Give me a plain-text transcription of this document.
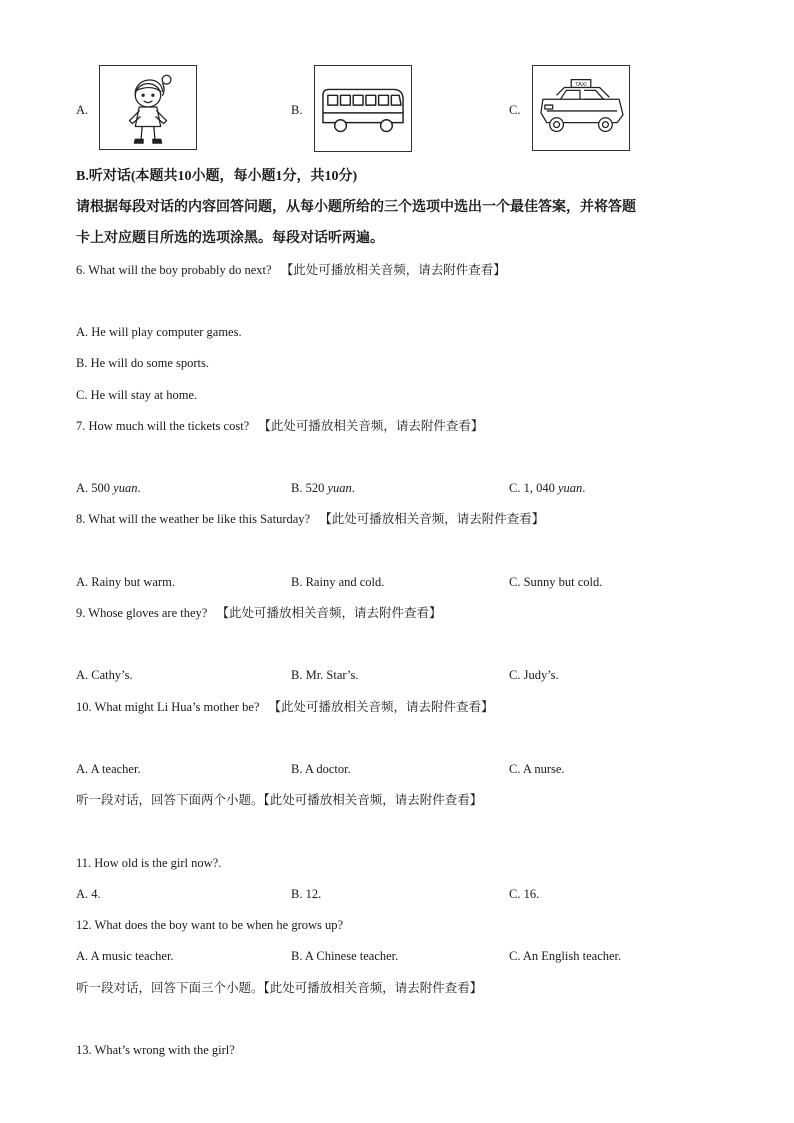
A.	B.	C.
TAXI
B.听对话(本题共10小题，每小题1分，共10分)
请根据每段对话的内容回答问题，从每小题所给的三个选项中选出一个最佳答案，并将答题
卡上对应题目所选的选项涂黑。每段对话听两遍。
6. What will the boy probably do next? 【此处可播放相关音频，请去附件查看】
A. He will play computer games.
B. He will do some sports.
C. He will stay at home.
7. How much will the tickets cost? 【此处可播放相关音频，请去附件查看】
A. 500 yuan.	B. 520 yuan.	C. 1, 040 yuan.
8. What will the weather be like this Saturday? 【此处可播放相关音频，请去附件查看】
A. Rainy but warm.	B. Rainy and cold.	C. Sunny but cold.
9. Whose gloves are they? 【此处可播放相关音频，请去附件查看】
A. Cathy’s.	B. Mr. Star’s.	C. Judy’s.
10. What might Li Hua’s mother be? 【此处可播放相关音频，请去附件查看】
A. A teacher.	B. A doctor.	C. A nurse.
听一段对话，回答下面两个小题。【此处可播放相关音频，请去附件查看】
11. How old is the girl now?.
A. 4.	B. 12.	C. 16.
12. What does the boy want to be when he grows up?
A. A music teacher.	B. A Chinese teacher.	C. An English teacher.
听一段对话，回答下面三个小题。【此处可播放相关音频，请去附件查看】
13. What’s wrong with the girl?
